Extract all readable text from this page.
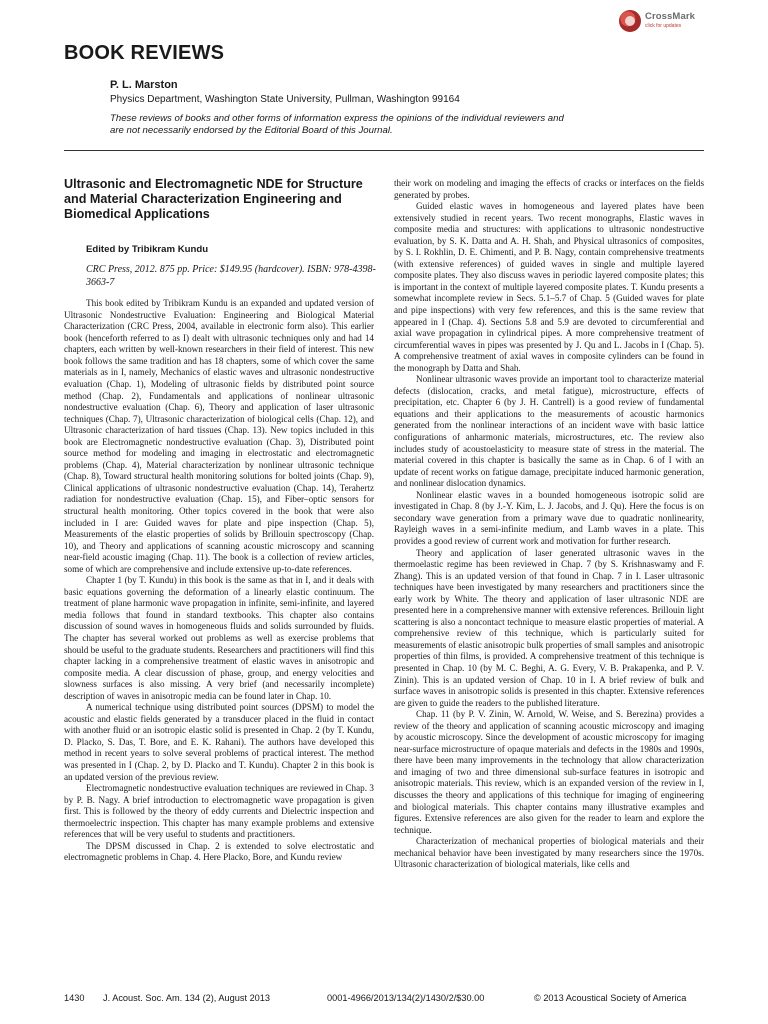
CrossMark
click for updates
BOOK REVIEWS
P. L. Marston
Physics Department, Washington State University, Pullman, Washington 99164
These reviews of books and other forms of information express the opinions of the individual reviewers and are not necessarily endorsed by the Editorial Board of this Journal.
Ultrasonic and Electromagnetic NDE for Structure and Material Characterization Engineering and Biomedical Applications
Edited by Tribikram Kundu
CRC Press, 2012. 875 pp. Price: $149.95 (hardcover). ISBN: 978-4398-3663-7

This book edited by Tribikram Kundu is an expanded and updated version of Ultrasonic Nondestructive Evaluation: Engineering and Biological Material Characterization (CRC Press, 2004, available in electronic form also). This earlier book (henceforth referred to as I) dealt with ultrasonic techniques only and had 14 chapters, each written by well-known researchers in their field of interest. This new book follows the same tradition and has 18 chapters, some of which cover the same materials as in I, namely, Mechanics of elastic waves and ultrasonic nondestructive evaluation (Chap. 1), Modeling of ultrasonic fields by distributed point source method (Chap. 2), Fundamentals and applications of nonlinear ultrasonic nondestructive evaluation (Chap. 6), Theory and application of laser ultrasonic techniques (Chap. 7), Ultrasonic characterization of biological cells (Chap. 12), and Ultrasonic characterization of hard tissues (Chap. 13). New topics included in this book are Electromagnetic nondestructive evaluation (Chap. 3), Distributed point source method for modeling and imaging in electrostatic and electromagnetic problems (Chap. 4), Material characterization by nonlinear ultrasonic technique (Chap. 8), Toward structural health monitoring solutions for bolted joints (Chap. 9), Clinical applications of ultrasonic nondestructive evaluation (Chap. 14), Terahertz radiation for nondestructive evaluation (Chap. 15), and Fiber–optic sensors for structural health monitoring. Other topics covered in the book that were also included in I are: Guided waves for plate and pipe inspection (Chap. 5), Measurements of the elastic properties of solids by Brillouin spectroscopy (Chap. 10), and Theory and applications of scanning acoustic microscopy and scanning near-field acoustic imaging (Chap. 11). The book is a collection of review articles, some of which are comprehensive and include extensive up-to-date references.

Chapter 1 (by T. Kundu) in this book is the same as that in I, and it deals with basic equations governing the deformation of a linearly elastic continuum. The treatment of plane harmonic wave propagation in infinite, semi-infinite, and layered media follows that found in standard textbooks. This chapter also contains discussion of sound waves in homogeneous fluids and solids surrounded by fluids. The chapter has several worked out problems as well as exercise problems that should be useful to the graduate students. Researchers and practitioners will find this chapter lacking in a comprehensive treatment of elastic waves in anisotropic and composite media. A clear discussion of phase, group, and energy velocities and slowness surfaces is also missing. A very brief (and necessarily incomplete) description of waves in anisotropic media can be found later in Chap. 10.

A numerical technique using distributed point sources (DPSM) to model the acoustic and elastic fields generated by a transducer placed in the fluid in contact with another fluid or an isotropic elastic solid is presented in Chap. 2 (by T. Kundu, D. Placko, S. Das, T. Bore, and E. K. Rahani). The authors have developed this method in recent years to solve several problems of practical interest. The method was presented in I (Chap. 2, by D. Placko and T. Kundu). Chapter 2 in this book is an updated version of the previous review.

Electromagnetic nondestructive evaluation techniques are reviewed in Chap. 3 by P. B. Nagy. A brief introduction to electromagnetic wave propagation is given first. This is followed by the theory of eddy currents and Dielectric inspection and thermoelectric inspection. This chapter has many example problems and extensive references that will be very useful to students and practitioners.

The DPSM discussed in Chap. 2 is extended to solve electrostatic and electromagnetic problems in Chap. 4. Here Placko, Bore, and Kundu review

their work on modeling and imaging the effects of cracks or interfaces on the fields generated by probes.

Guided elastic waves in homogeneous and layered plates have been extensively studied in recent years. Two recent monographs, Elastic waves in composite media and structures: with applications to ultrasonic nondestructive evaluation, by S. K. Datta and A. H. Shah, and Physical ultrasonics of composites, by S. I. Rokhlin, D. E. Chimenti, and P. B. Nagy, contain comprehensive treatments (with extensive references) of guided waves in single and multiple layered composite plates. They also discuss waves in periodic layered composite plates; this is important in the context of multiple layered composite plates. T. Kundu presents a somewhat incomplete review in Secs. 5.1–5.7 of Chap. 5 (Guided waves for plate and pipe inspections) with very few references, and this is the same review that appeared in I (Chap. 4). Sections 5.8 and 5.9 are devoted to circumferential and axial wave propagation in cylindrical pipes. A more comprehensive treatment of circumferential waves in pipes was presented by J. Qu and L. Jacobs in I (Chap. 5). A comprehensive treatment of axial waves in composite cylinders can be found in the monograph by Datta and Shah.

Nonlinear ultrasonic waves provide an important tool to characterize material defects (dislocation, cracks, and metal fatigue), microstructure, effects of precipitation, etc. Chapter 6 (by J. H. Cantrell) is a good review of fundamental equations and their applications to the measurements of acoustic harmonics generated from the nonlinear interactions of an incident wave with basic lattice configurations of anharmonic materials, microstructures, etc. The review also includes study of acoustoelasticity to measure state of stress in the material. The material covered in this chapter is basically the same as in Chap. 6 of I with an update of recent works on fatigue damage, precipitate induced harmonic generation, and nonlinear dislocation dynamics.

Nonlinear elastic waves in a bounded homogeneous isotropic solid are investigated in Chap. 8 (by J.-Y. Kim, L. J. Jacobs, and J. Qu). Here the focus is on secondary wave generation from a primary wave due to quadratic nonlinearity, Rayleigh waves in a semi-infinite medium, and Lamb waves in a plate. This provides a good review of current work and motivation for further research.

Theory and application of laser generated ultrasonic waves in the thermoelastic regime has been reviewed in Chap. 7 (by S. Krishnaswamy and F. Zhang). This is an updated version of that found in Chap. 7 in I. Laser ultrasonic techniques have been investigated by many researchers and practitioners since the early work by White. The theory and application of laser ultrasonic NDE are presented here in a comprehensive manner with extensive references. Brillouin light scattering is also a noncontact technique to measure elastic properties of material. A comprehensive review of this technique, which is particularly suited for measurements of elastic anisotropic bulk properties of small samples and anisotropic properties of thin films, is provided. A comprehensive treatment of this technique is presented in Chap. 10 (by M. C. Beghi, A. G. Every, V. B. Prakapenka, and P. V. Zinin). This is an updated version of Chap. 10 in I. A brief review of bulk and surface waves in anisotropic solids is presented in this chapter. Extensive references are given to guide the readers to the published literature.

Chap. 11 (by P. V. Zinin, W. Arnold, W. Weise, and S. Berezina) provides a review of the theory and application of scanning acoustic microscopy and imaging by acoustic microscopy. Since the development of acoustic microscopy for imaging near-surface microstructure of opaque materials and defects in the 1980s and 1990s, there have been many improvements in the technology that allow characterization and imaging of two and three dimensional sub-surface features in isotropic and anisotropic materials. This review, which is an expanded version of the review in I, discusses the theory and applications of this technique for imaging of engineering and biological materials. This chapter contains many illustrative examples and figures. Extensive references are also given for the reader to learn and explore the technique.

Characterization of mechanical properties of biological materials and their mechanical behavior have been investigated by many researchers since the 1970s. Ultrasonic characterization of biological materials, like cells and

1430 J. Acoust. Soc. Am. 134 (2), August 2013	0001-4966/2013/134(2)/1430/2/$30.00	© 2013 Acoustical Society of America
